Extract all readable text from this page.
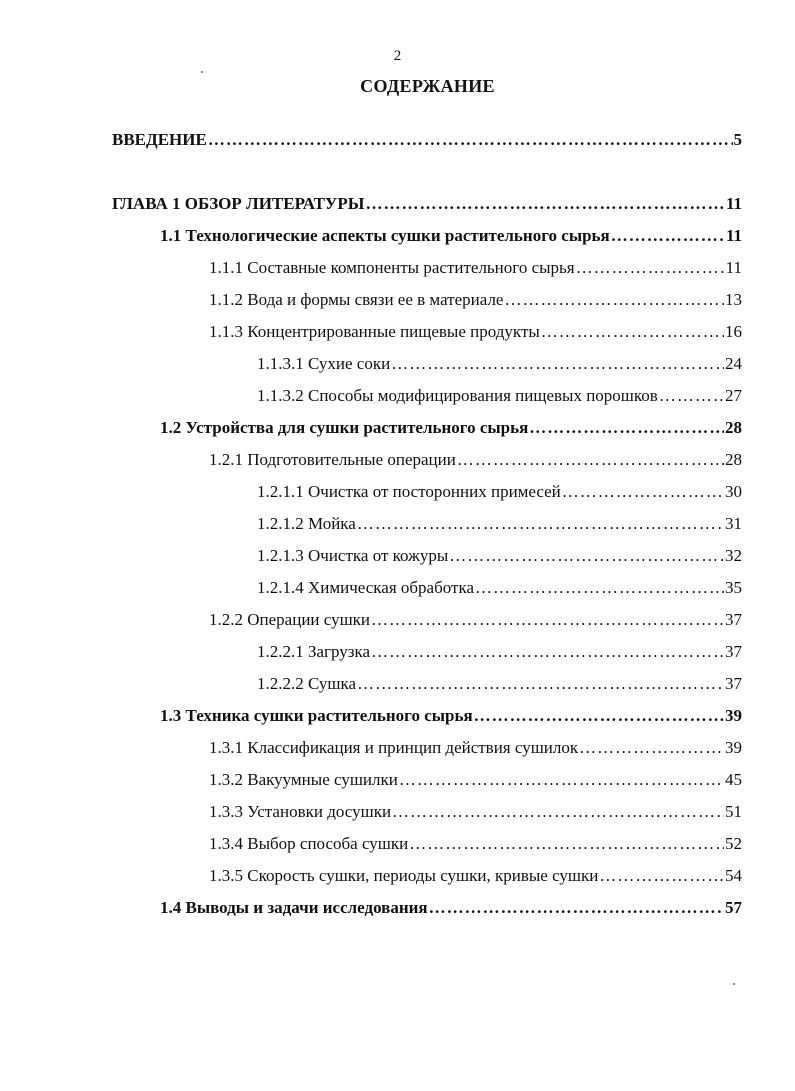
2
СОДЕРЖАНИЕ
ВВЕДЕНИЕ …………………………………………………………………………………………………………………………………………………	5
ГЛАВА 1 ОБЗОР ЛИТЕРАТУРЫ …………………………………………………………………………………………………………………………………………………	11
1.1 Технологические аспекты сушки растительного сырья …………………………………………………………………………………………………………………………………………………	11
1.1.1 Составные компоненты растительного сырья …………………………………………………………………………………………………………………………………………………	11
1.1.2 Вода и формы связи ее в материале …………………………………………………………………………………………………………………………………………………	13
1.1.3 Концентрированные пищевые продукты …………………………………………………………………………………………………………………………………………………	16
1.1.3.1 Сухие соки …………………………………………………………………………………………………………………………………………………	24
1.1.3.2 Способы модифицирования пищевых порошков …………………………………………………………………………………………………………………………………………………	27
1.2 Устройства для сушки растительного сырья …………………………………………………………………………………………………………………………………………………	28
1.2.1 Подготовительные операции …………………………………………………………………………………………………………………………………………………	28
1.2.1.1 Очистка от посторонних примесей …………………………………………………………………………………………………………………………………………………	30
1.2.1.2 Мойка …………………………………………………………………………………………………………………………………………………	31
1.2.1.3 Очистка от кожуры …………………………………………………………………………………………………………………………………………………	32
1.2.1.4 Химическая обработка …………………………………………………………………………………………………………………………………………………	35
1.2.2 Операции сушки …………………………………………………………………………………………………………………………………………………	37
1.2.2.1 Загрузка …………………………………………………………………………………………………………………………………………………	37
1.2.2.2 Сушка …………………………………………………………………………………………………………………………………………………	37
1.3 Техника сушки растительного сырья …………………………………………………………………………………………………………………………………………………	39
1.3.1 Классификация и принцип действия сушилок …………………………………………………………………………………………………………………………………………………	39
1.3.2 Вакуумные сушилки …………………………………………………………………………………………………………………………………………………	45
1.3.3 Установки досушки …………………………………………………………………………………………………………………………………………………	51
1.3.4 Выбор способа сушки …………………………………………………………………………………………………………………………………………………	52
1.3.5 Скорость сушки, периоды сушки, кривые сушки …………………………………………………………………………………………………………………………………………………	54
1.4 Выводы и задачи исследования …………………………………………………………………………………………………………………………………………………	57
